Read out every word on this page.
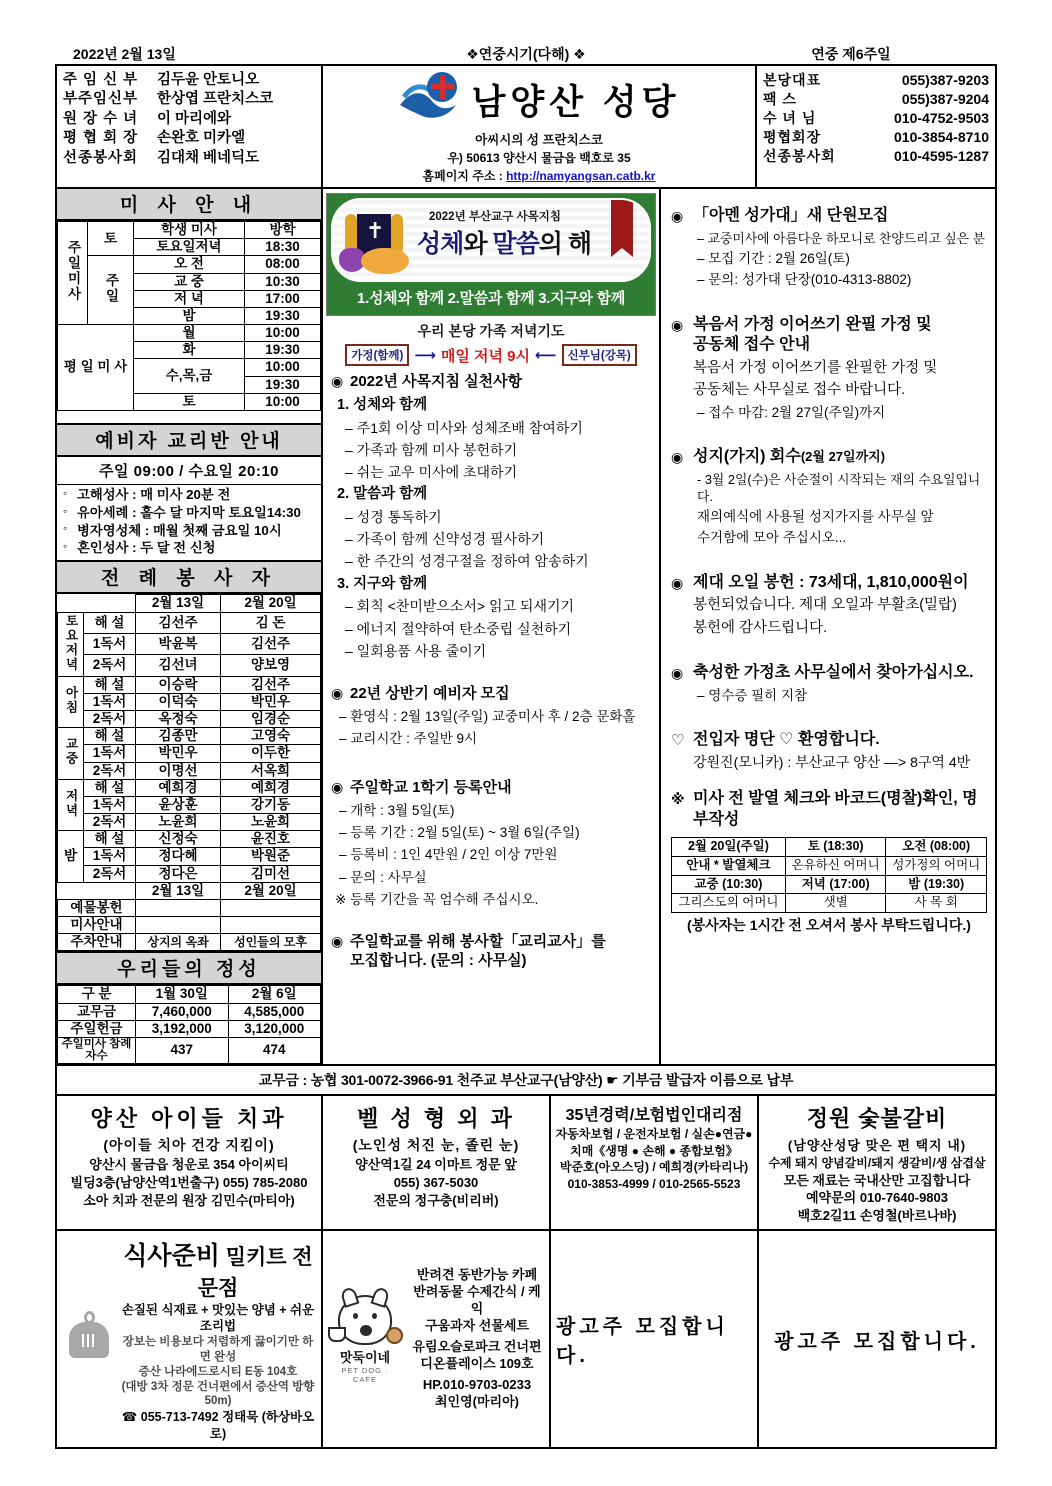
2022년 2월 13일	❖연중시기(다해) ❖	연중 제6주일
주 임 신 부	김두윤 안토니오
부주임신부	한상엽 프란치스코
원 장 수 녀	이 마리에와
평 협 회 장	손완호 미카엘
선종봉사회	김대채 베네딕도
남양산 성당
아씨시의 성 프란치스코
우) 50613 양산시 물금읍 백호로 35
홈페이지 주소 : http://namyangsan.catb.kr
본당대표	055)387-9203
팩 스	055)387-9204
수 녀 님	010-4752-9503
평협회장	010-3854-8710
선종봉사회	010-4595-1287
미 사 안 내
주일미사	토	학생 미사	방학
		토요일저녁	18:30
	주일	오 전	08:00
		교 중	10:30
		저 녁	17:00
		밤	19:30
평 일 미 사		월	10:00
		화	19:30
		수,목,금	10:00
			19:30
		토	10:00
예비자 교리반 안내
주일 09:00 / 수요일 20:10
◦ 고해성사 : 매 미사 20분 전
◦ 유아세례 : 홀수 달 마지막 토요일14:30
◦ 병자영성체 : 매월 첫째 금요일 10시
◦ 혼인성사 : 두 달 전 신청
전 례 봉 사 자
		2월 13일	2월 20일
토요저녁	해 설	김선주	김 돈
	1독서	박윤복	김선주
	2독서	김선녀	양보영
아침	해 설	이승락	김선주
	1독서	이덕숙	박민우
	2독서	옥정숙	임경순
교중	해 설	김종만	고영숙
	1독서	박민우	이두한
	2독서	이명선	서옥희
저녁	해 설	예희경	예희경
	1독서	윤상훈	강기동
	2독서	노윤희	노윤희
밤	해 설	신정숙	윤진호
	1독서	정다혜	박원준
	2독서	정다은	김미선
		2월 13일	2월 20일
예물봉헌			
미사안내			
주차안내		상지의 옥좌	성인들의 모후
우리들의 정성
구 분	1월 30일	2월 6일
교무금	7,460,000	4,585,000
주일헌금	3,192,000	3,120,000
주일미사 참례자수	437	474
✝
2022년 부산교구 사목지침
성체와 말씀의 해
1.성체와 함께 2.말씀과 함께 3.지구와 함께
우리 본당 가족 저녁기도
가정(함께) ⟶ 매일 저녁 9시 ⟵ 신부님(강목)
◉ 2022년 사목지침 실천사항
1. 성체와 함께
– 주1회 이상 미사와 성체조배 참여하기
– 가족과 함께 미사 봉헌하기
– 쉬는 교우 미사에 초대하기
2. 말씀과 함께
– 성경 통독하기
– 가족이 함께 신약성경 필사하기
– 한 주간의 성경구절을 정하여 암송하기
3. 지구와 함께
– 회칙 <찬미받으소서> 읽고 되새기기
– 에너지 절약하여 탄소중립 실천하기
– 일회용품 사용 줄이기
◉ 22년 상반기 예비자 모집
– 환영식 : 2월 13일(주일) 교중미사 후 / 2층 문화홀
– 교리시간 : 주일반 9시
◉ 주일학교 1학기 등록안내
– 개학 : 3월 5일(토)
– 등록 기간 : 2월 5일(토) ~ 3월 6일(주일)
– 등록비 : 1인 4만원 / 2인 이상 7만원
– 문의 : 사무실
※ 등록 기간을 꼭 엄수해 주십시오.
◉ 주일학교를 위해 봉사할「교리교사」를
모집합니다. (문의 : 사무실)
◉ 「아멘 성가대」새 단원모집
– 교중미사에 아름다운 하모니로 찬양드리고 싶은 분
– 모집 기간 : 2월 26일(토)
– 문의: 성가대 단장(010-4313-8802)
◉ 복음서 가정 이어쓰기 완필 가정 및
공동체 접수 안내
복음서 가정 이어쓰기를 완필한 가정 및
공동체는 사무실로 접수 바랍니다.
– 접수 마감: 2월 27일(주일)까지
◉ 성지(가지) 회수(2월 27일까지)
- 3월 2일(수)은 사순절이 시작되는 재의 수요일입니다.
재의예식에 사용될 성지가지를 사무실 앞
수거함에 모아 주십시오...
◉ 제대 오일 봉헌 : 73세대, 1,810,000원이
봉헌되었습니다. 제대 오일과 부활초(밀랍)
봉헌에 감사드립니다.
◉ 축성한 가정초 사무실에서 찾아가십시오.
– 영수증 필히 지참
♡ 전입자 명단 ♡ 환영합니다.
강원진(모니카) : 부산교구 양산 —> 8구역 4반
※ 미사 전 발열 체크와 바코드(명찰)확인, 명부작성
2월 20일(주일)	토 (18:30)	오전 (08:00)
안내 * 발열체크	온유하신 어머니	성가정의 어머니
교중 (10:30)	저녁 (17:00)	밤 (19:30)
그리스도의 어머니	샛별	사 목 회
(봉사자는 1시간 전 오셔서 봉사 부탁드립니다.)
교무금 : 농협 301-0072-3966-91 천주교 부산교구(남양산) ☛ 기부금 발급자 이름으로 납부
양산 아이들 치과
(아이들 치아 건강 지킴이)
양산시 물금읍 청운로 354 아이씨티
빌딩3층(남양산역1번출구) 055) 785-2080
소아 치과 전문의 원장 김민수(마티아)
벨 성 형 외 과
(노인성 처진 눈, 졸린 눈)
양산역1길 24 이마트 정문 앞
055) 367-5030
전문의 정구충(비리버)
35년경력/보험법인대리점
자동차보험 / 운전자보험 / 실손●연금●
치매《생명 ● 손해 ● 종합보험》
박준호(아오스딩) / 예희경(카타리나)
010-3853-4999 / 010-2565-5523
정원 숯불갈비
(남양산성당 맞은 편 택지 내)
수제 돼지 양념갈비/돼지 생갈비/생 삼겹살
모든 재료는 국내산만 고집합니다
예약문의 010-7640-9803
백호2길11 손영철(바르나바)
식사준비 밀키트 전문점
손질된 식재료 + 맛있는 양념 + 쉬운 조리법
장보는 비용보다 저렴하게 끓이기만 하면 완성
증산 나라에드로시티 E동 104호
(대방 3차 정문 건너편에서 증산역 방향 50m)
☎ 055-713-7492 정태묵 (하상바오로)
맛둑이네
PET DOG · CAFE
반려견 동반가능 카페
반려동물 수제간식 / 케익
구움과자 선물세트
유림오슬로파크 건너편
디온플레이스 109호
HP.010-9703-0233
최인영(마리아)
광고주 모집합니다.
광고주 모집합니다.
